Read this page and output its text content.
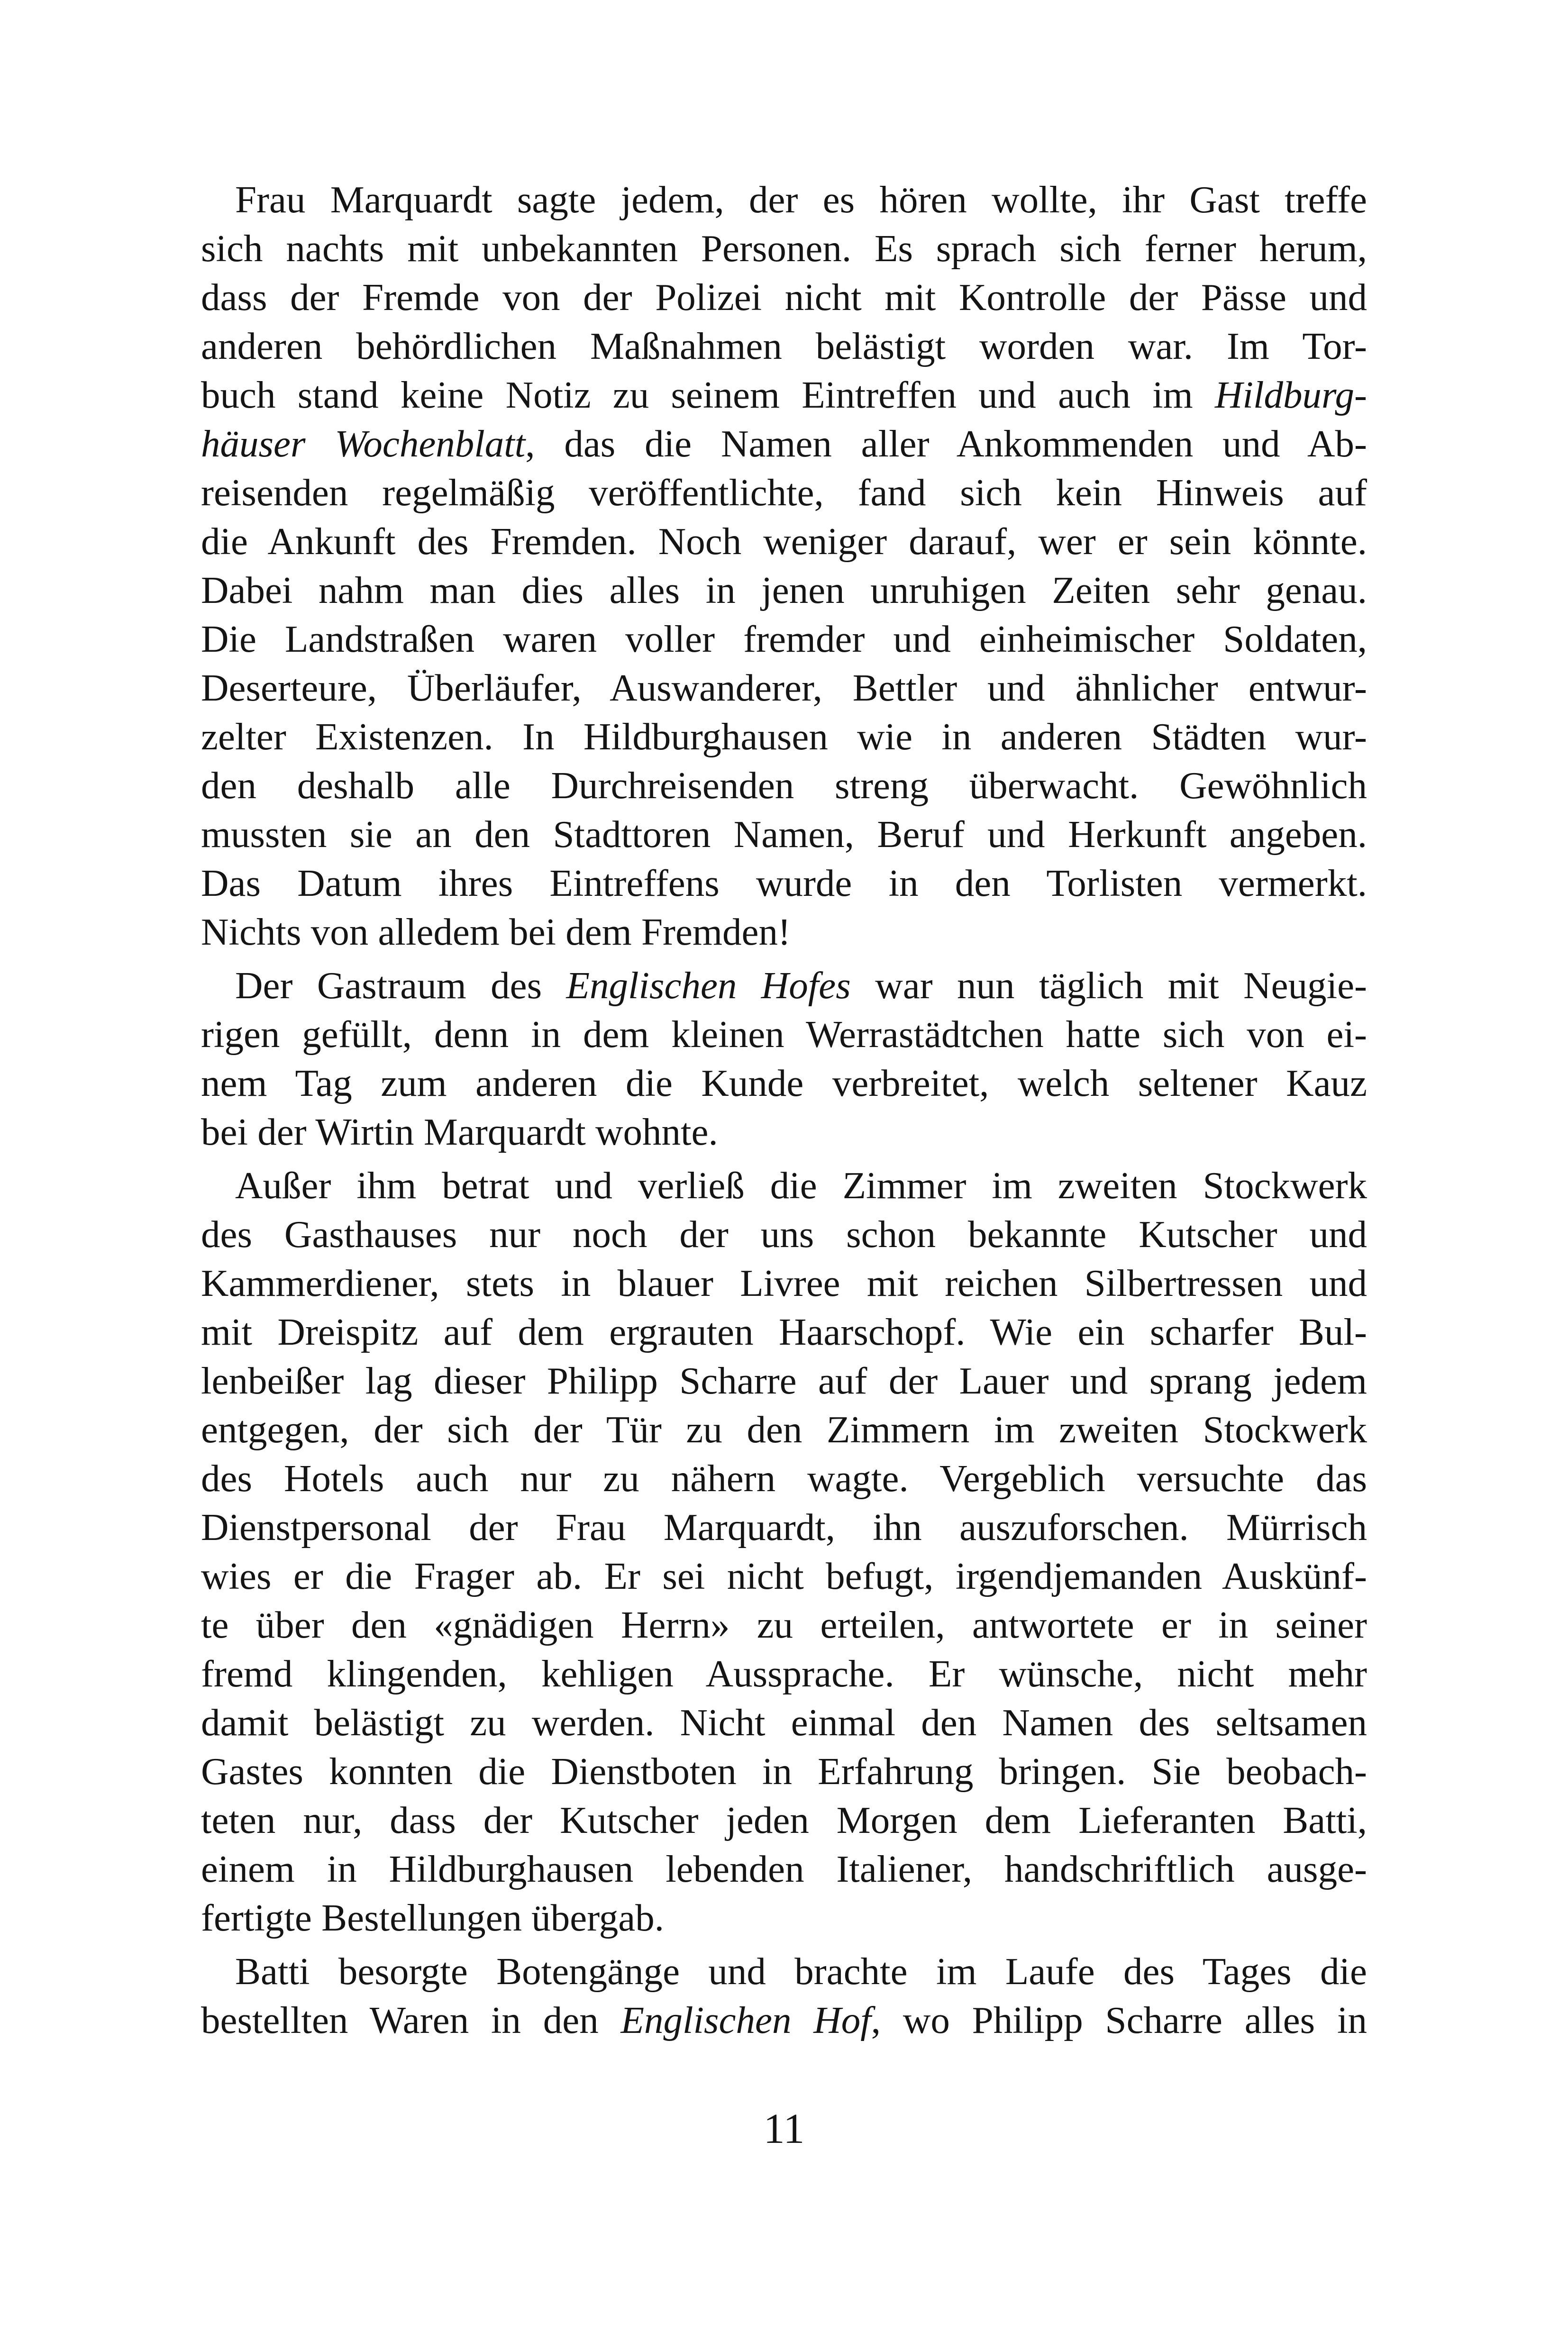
Frau Marquardt sagte jedem, der es hören wollte, ihr Gast treffe
sich nachts mit unbekannten Personen. Es sprach sich ferner herum,
dass der Fremde von der Polizei nicht mit Kontrolle der Pässe und
anderen behördlichen Maßnahmen belästigt worden war. Im Tor-
buch stand keine Notiz zu seinem Eintreffen und auch im Hildburg-
häuser Wochenblatt, das die Namen aller Ankommenden und Ab-
reisenden regelmäßig veröffentlichte, fand sich kein Hinweis auf
die Ankunft des Fremden. Noch weniger darauf, wer er sein könnte.
Dabei nahm man dies alles in jenen unruhigen Zeiten sehr genau.
Die Landstraßen waren voller fremder und einheimischer Soldaten,
Deserteure, Überläufer, Auswanderer, Bettler und ähnlicher entwur-
zelter Existenzen. In Hildburghausen wie in anderen Städten wur-
den deshalb alle Durchreisenden streng überwacht. Gewöhnlich
mussten sie an den Stadttoren Namen, Beruf und Herkunft angeben.
Das Datum ihres Eintreffens wurde in den Torlisten vermerkt.
Nichts von alledem bei dem Fremden!
Der Gastraum des Englischen Hofes war nun täglich mit Neugie-
rigen gefüllt, denn in dem kleinen Werrastädtchen hatte sich von ei-
nem Tag zum anderen die Kunde verbreitet, welch seltener Kauz
bei der Wirtin Marquardt wohnte.
Außer ihm betrat und verließ die Zimmer im zweiten Stockwerk
des Gasthauses nur noch der uns schon bekannte Kutscher und
Kammerdiener, stets in blauer Livree mit reichen Silbertressen und
mit Dreispitz auf dem ergrauten Haarschopf. Wie ein scharfer Bul-
lenbeißer lag dieser Philipp Scharre auf der Lauer und sprang jedem
entgegen, der sich der Tür zu den Zimmern im zweiten Stockwerk
des Hotels auch nur zu nähern wagte. Vergeblich versuchte das
Dienstpersonal der Frau Marquardt, ihn auszuforschen. Mürrisch
wies er die Frager ab. Er sei nicht befugt, irgendjemanden Auskünf-
te über den «gnädigen Herrn» zu erteilen, antwortete er in seiner
fremd klingenden, kehligen Aussprache. Er wünsche, nicht mehr
damit belästigt zu werden. Nicht einmal den Namen des seltsamen
Gastes konnten die Dienstboten in Erfahrung bringen. Sie beobach-
teten nur, dass der Kutscher jeden Morgen dem Lieferanten Batti,
einem in Hildburghausen lebenden Italiener, handschriftlich ausge-
fertigte Bestellungen übergab.
Batti besorgte Botengänge und brachte im Laufe des Tages die
bestellten Waren in den Englischen Hof, wo Philipp Scharre alles in
11
